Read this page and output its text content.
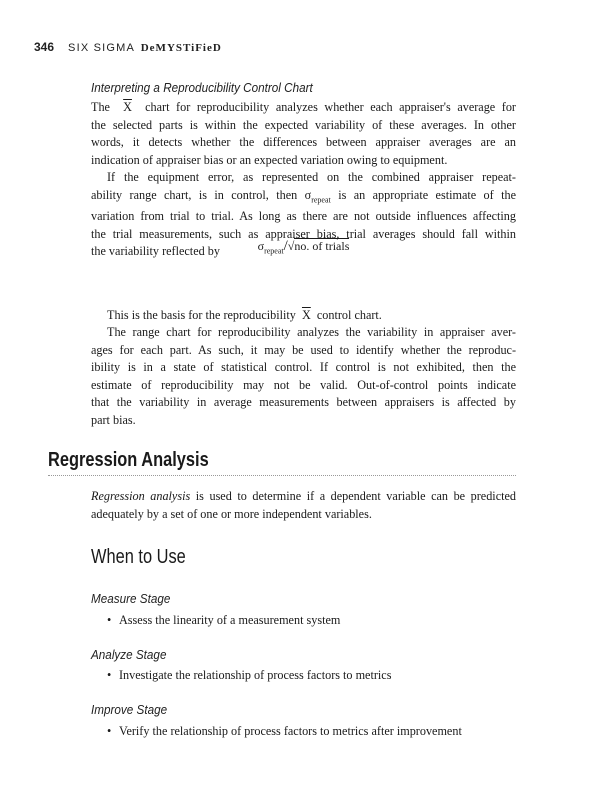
346 SIX SIGMA DeMYSTiFieD
Interpreting a Reproducibility Control Chart

The $\overline{X}$ chart for reproducibility analyzes whether each appraiser's average for
the selected parts is within the expected variability of these averages. In other
words, it detects whether the differences between appraiser averages are an
indication of appraiser bias or an expected variation owing to equipment.

If the equipment error, as represented on the combined appraiser repeat-
ability range chart, is in control, then $\sigma_{repeat}$ is an appropriate estimate of the
variation from trial to trial. As long as there are not outside influences affecting
the trial measurements, such as appraiser bias, trial averages should fall within
the variability reflected by	$\sigma_{repeat}/√no$. of trials

This is the basis for the reproducibility $\overline{X}$ control chart.

The range chart for reproducibility analyzes the variability in appraiser aver-
ages for each part. As such, it may be used to identify whether the reproduc-
ibility is in a state of statistical control. If control is not exhibited, then the
estimate of reproducibility may not be valid. Out-of-control points indicate
that the variability in average measurements between appraisers is affected by
part bias.

Regression Analysis

Regression analysis is used to determine if a dependent variable can be predicted
adequately by a set of one or more independent variables.

When to Use
Measure Stage
• Assess the linearity of a measurement system
Analyze Stage
• Investigate the relationship of process factors to metrics
Improve Stage
• Verify the relationship of process factors to metrics after improvement
